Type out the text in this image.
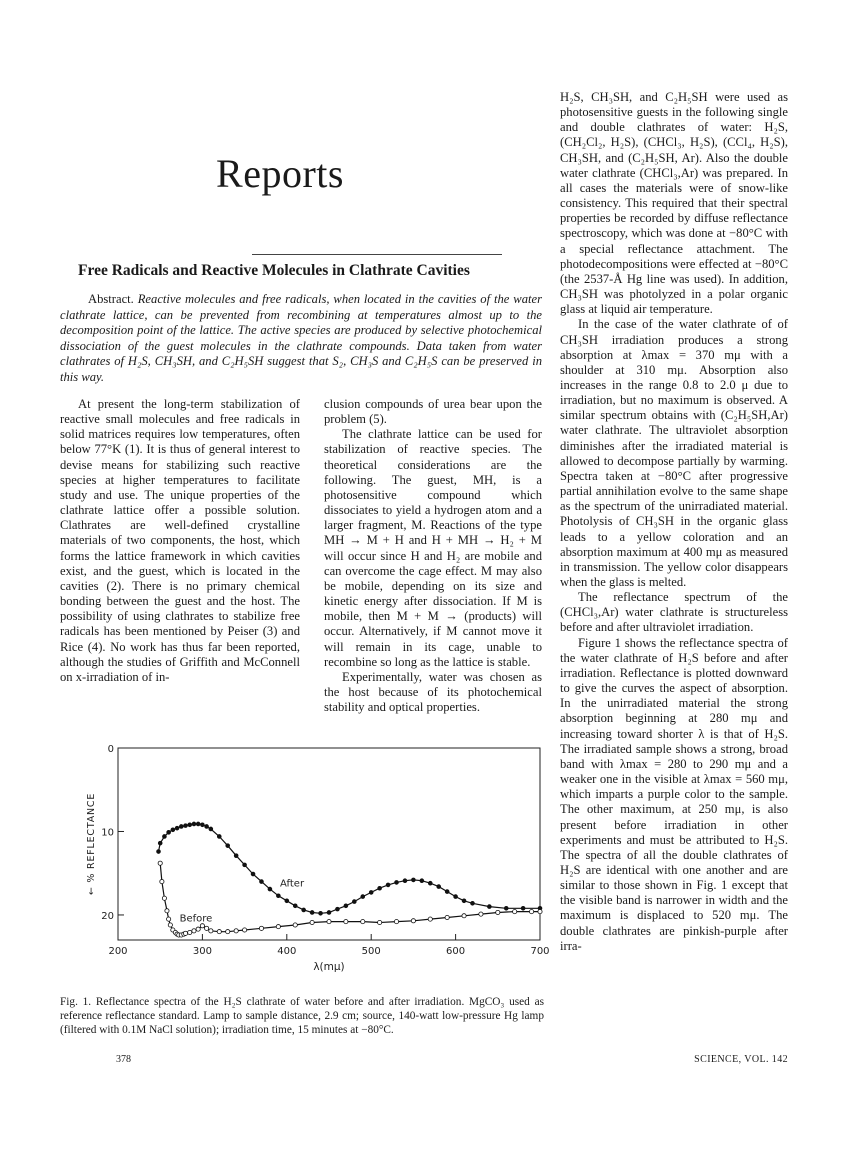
Reports
Free Radicals and Reactive Molecules in Clathrate Cavities

Abstract. Reactive molecules and free radicals, when located in the cavities of the water clathrate lattice, can be prevented from recombining at temperatures almost up to the decomposition point of the lattice. The active species are produced by selective photochemical dissociation of the guest molecules in the clathrate compounds. Data taken from water clathrates of H₂S, CH₃SH, and C₂H₅SH suggest that S₂, CH₃S and C₂H₅S can be preserved in this way.

At present the long-term stabilization of reactive small molecules and free radicals in solid matrices requires low temperatures, often below 77°K (1). It is thus of general interest to devise means for stabilizing such reactive species at higher temperatures to facilitate study and use. The unique properties of the clathrate lattice offer a possible solution. Clathrates are well-defined crystalline materials of two components, the host, which forms the lattice framework in which cavities exist, and the guest, which is located in the cavities (2). There is no primary chemical bonding between the guest and the host. The possibility of using clathrates to stabilize free radicals has been mentioned by Peiser (3) and Rice (4). No work has thus far been reported, although the studies of Griffith and McConnell on x-irradiation of in-

clusion compounds of urea bear upon the problem (5).

The clathrate lattice can be used for stabilization of reactive species. The theoretical considerations are the following. The guest, MH, is a photosensitive compound which dissociates to yield a hydrogen atom and a larger fragment, M. Reactions of the type MH → M + H and H + MH → H₂ + M will occur since H and H₂ are mobile and can overcome the cage effect. M may also be mobile, depending on its size and kinetic energy after dissociation. If M is mobile, then M + M → (products) will occur. Alternatively, if M cannot move it will remain in its cage, unable to recombine so long as the lattice is stable.

Experimentally, water was chosen as the host because of its photochemical stability and optical properties.

H₂S, CH₃SH, and C₂H₅SH were used as photosensitive guests in the following single and double clathrates of water: H₂S, (CH₂Cl₂, H₂S), (CHCl₃, H₂S), (CCl₄, H₂S), CH₃SH, and (C₂H₅SH, Ar). Also the double water clathrate (CHCl₃,Ar) was prepared. In all cases the materials were of snow-like consistency. This required that their spectral properties be recorded by diffuse reflectance spectroscopy, which was done at −80°C with a special reflectance attachment. The photodecompositions were effected at −80°C (the 2537-Å Hg line was used). In addition, CH₃SH was photolyzed in a polar organic glass at liquid air temperature.

In the case of the water clathrate of of CH₃SH irradiation produces a strong absorption at λmax = 370 mμ with a shoulder at 310 mμ. Absorption also increases in the range 0.8 to 2.0 μ due to irradiation, but no maximum is observed. A similar spectrum obtains with (C₂H₅SH,Ar) water clathrate. The ultraviolet absorption diminishes after the irradiated material is allowed to decompose partially by warming. Spectra taken at −80°C after progressive partial annihilation evolve to the same shape as the spectrum of the unirradiated material. Photolysis of CH₃SH in the organic glass leads to a yellow coloration and an absorption maximum at 400 mμ as measured in transmission. The yellow color disappears when the glass is melted.

The reflectance spectrum of the (CHCl₃,Ar) water clathrate is structureless before and after ultraviolet irradiation.

Figure 1 shows the reflectance spectra of the water clathrate of H₂S before and after irradiation. Reflectance is plotted downward to give the curves the aspect of absorption. In the unirradiated material the strong absorption beginning at 280 mμ and increasing toward shorter λ is that of H₂S. The irradiated sample shows a strong, broad band with λmax = 280 to 290 mμ and a weaker one in the visible at λmax = 560 mμ, which imparts a purple color to the sample. The other maximum, at 250 mμ, is also present before irradiation in other experiments and must be attributed to H₂S. The spectra of all the double clathrates of H₂S are identical with one another and are similar to those shown in Fig. 1 except that the visible band is narrower in width and the maximum is displaced to 520 mμ. The double clathrates are pinkish-purple after irra-

200	300	400	500	600	700
0
10
20
λ(mμ)
← % REFLECTANCE	After
Before

Fig. 1. Reflectance spectra of the H₂S clathrate of water before and after irradiation. MgCO₃ used as reference reflectance standard. Lamp to sample distance, 2.9 cm; source, 140-watt low-pressure Hg lamp (filtered with 0.1M NaCl solution); irradiation time, 15 minutes at −80°C.

378	SCIENCE, VOL. 142
